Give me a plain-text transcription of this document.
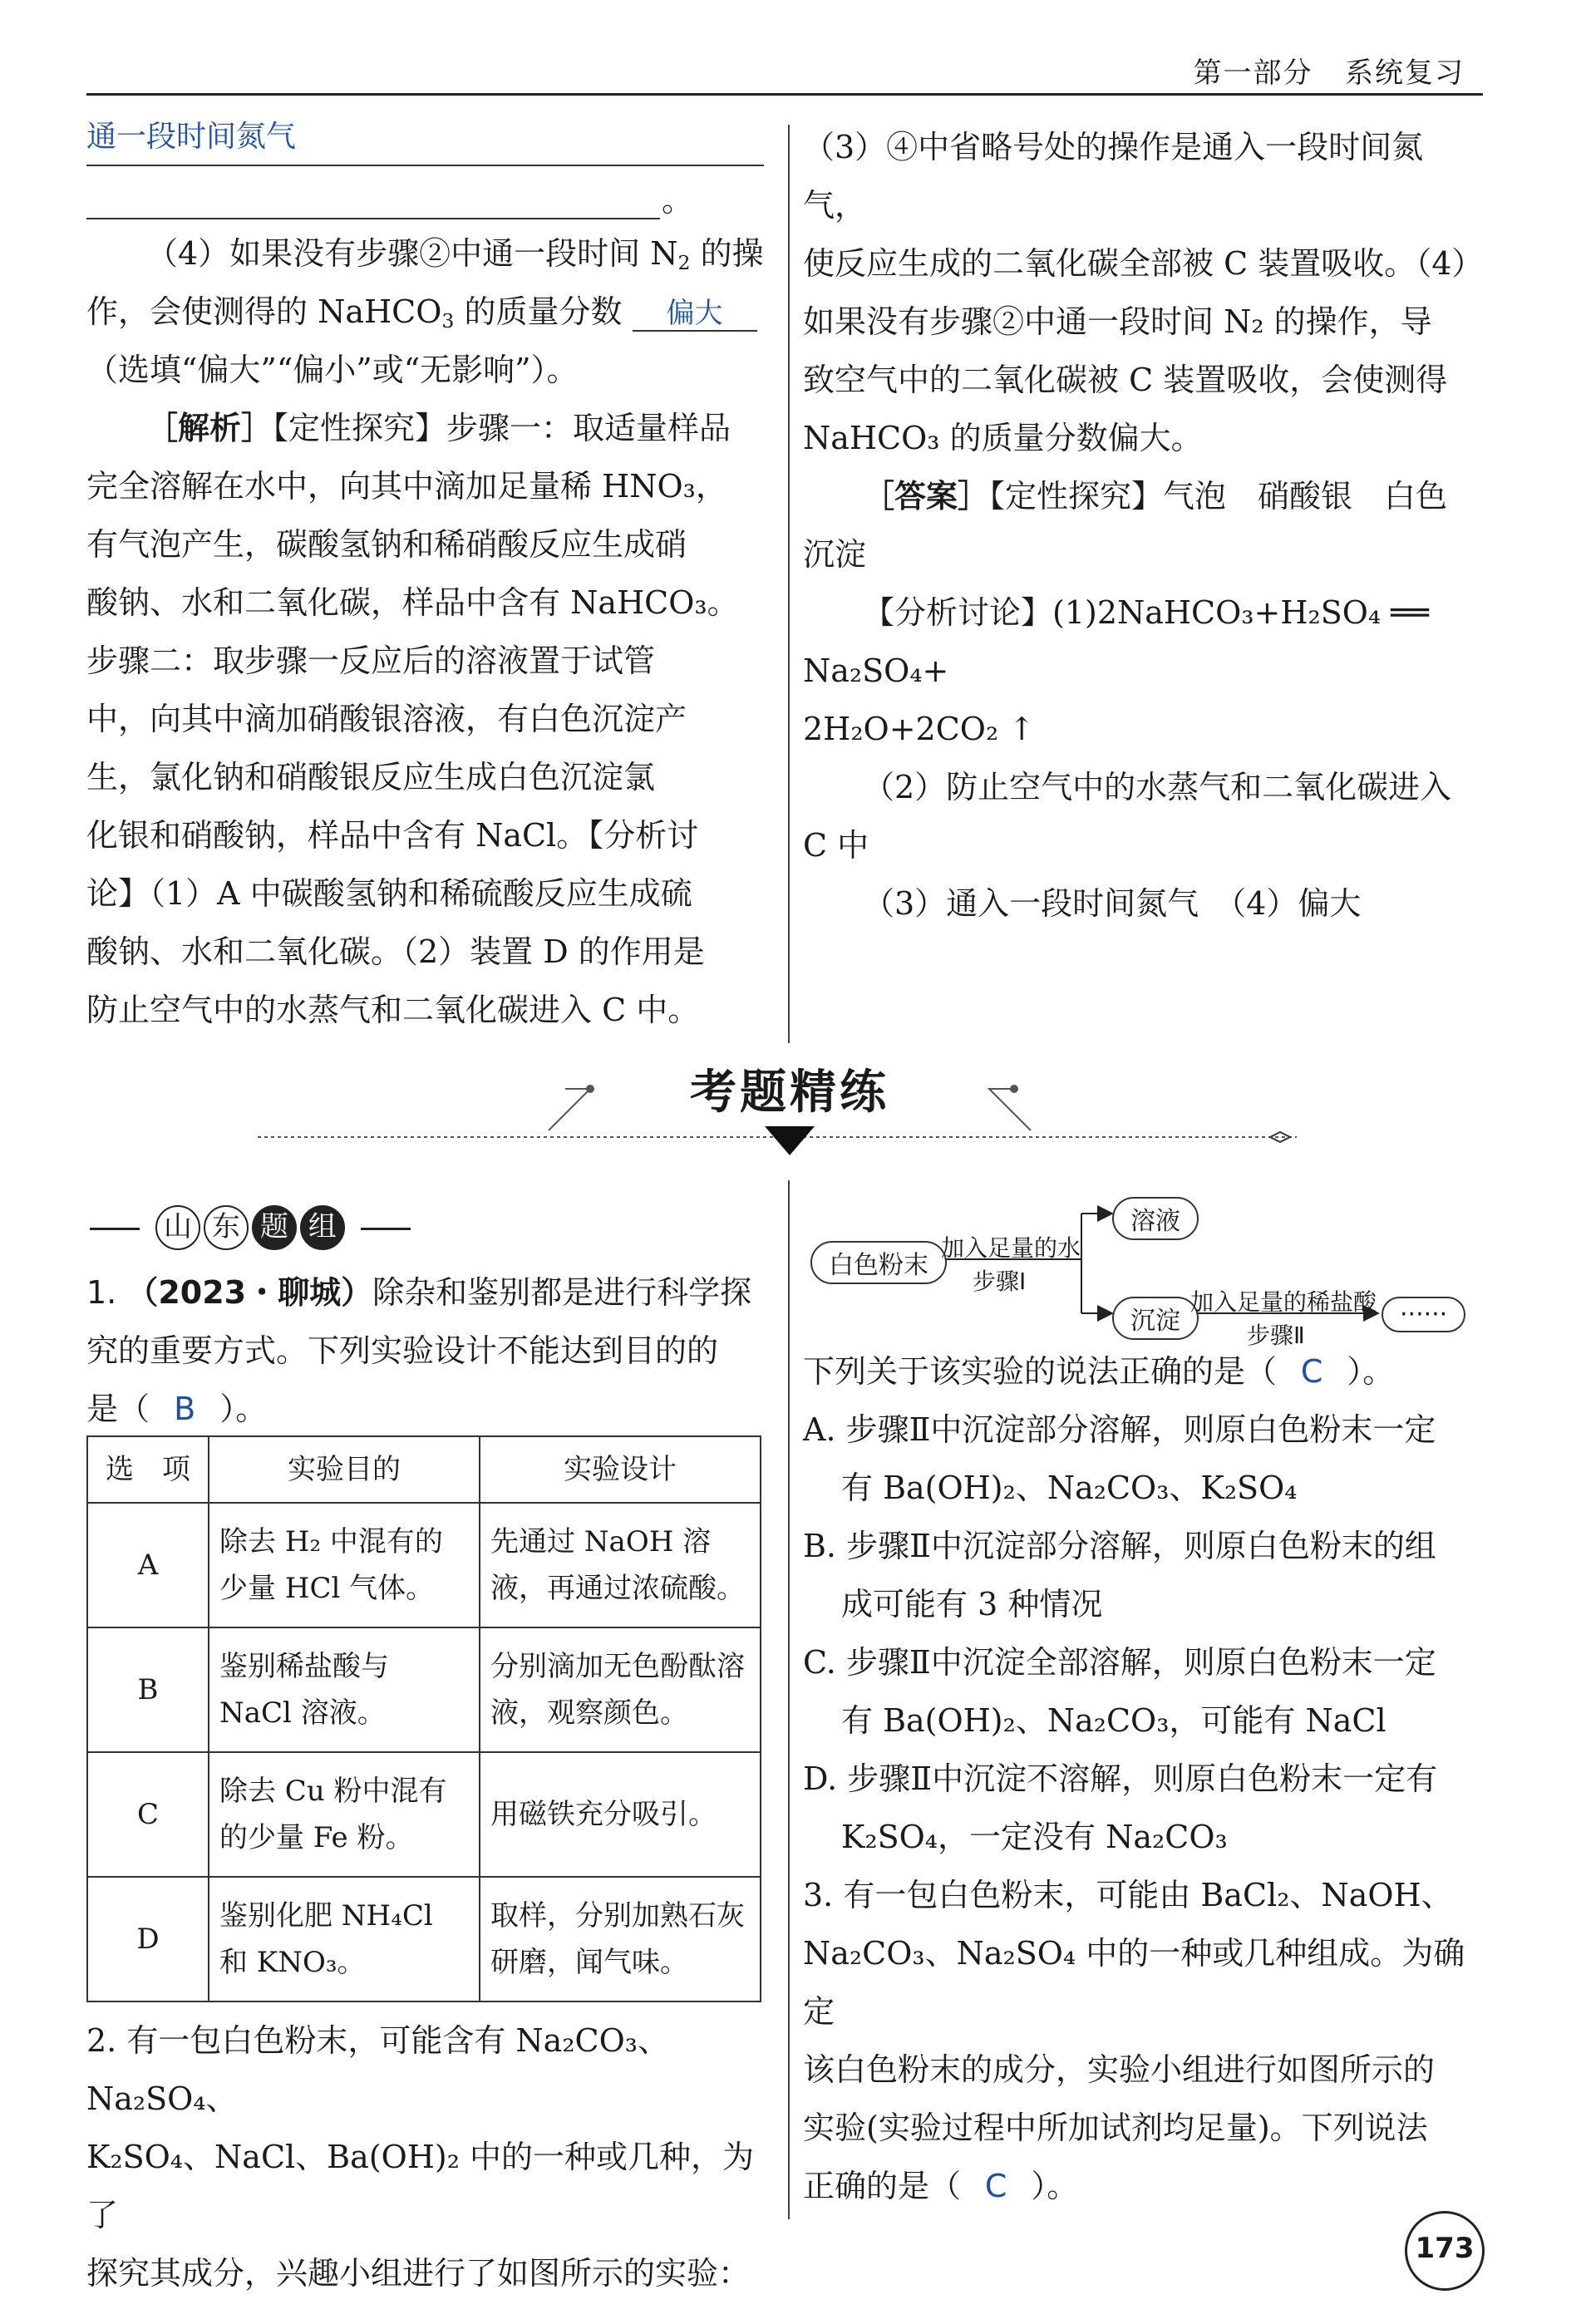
第一部分 系统复习
通一段时间氮气
。

（4）如果没有步骤②中通一段时间 $N_2$ 的操

作，会使测得的 NaHCO$_3$ 的质量分数 偏大

（选填“偏大”“偏小”或“无影响”）。

［解析］【定性探究】步骤一：取适量样品

完全溶解在水中，向其中滴加足量稀 HNO₃，

有气泡产生，碳酸氢钠和稀硝酸反应生成硝

酸钠、水和二氧化碳，样品中含有 NaHCO₃。

步骤二：取步骤一反应后的溶液置于试管

中，向其中滴加硝酸银溶液，有白色沉淀产

生，氯化钠和硝酸银反应生成白色沉淀氯

化银和硝酸钠，样品中含有 NaCl。【分析讨

论】（1）A 中碳酸氢钠和稀硫酸反应生成硫

酸钠、水和二氧化碳。（2）装置 D 的作用是

防止空气中的水蒸气和二氧化碳进入 C 中。

（3）④中省略号处的操作是通入一段时间氮气，

使反应生成的二氧化碳全部被 C 装置吸收。（4）

如果没有步骤②中通一段时间 N₂ 的操作，导

致空气中的二氧化碳被 C 装置吸收，会使测得

NaHCO₃ 的质量分数偏大。

［答案］【定性探究】气泡　硝酸银　白色

沉淀

【分析讨论】(1)2NaHCO₃+H₂SO₄ ══ Na₂SO₄+

2H₂O+2CO₂ ↑

（2）防止空气中的水蒸气和二氧化碳进入

C 中

（3）通入一段时间氮气　（4）偏大

考题精练
山 东 题 组

1. （2023・聊城）除杂和鉴别都是进行科学探

究的重要方式。下列实验设计不能达到目的的

是（ B ）。

选　项	实验目的	实验设计
A	除去 H₂ 中混有的少量 HCl 气体。	先通过 NaOH 溶液，再通过浓硫酸。
B	鉴别稀盐酸与 NaCl 溶液。	分别滴加无色酚酞溶液，观察颜色。
C	除去 Cu 粉中混有的少量 Fe 粉。	用磁铁充分吸引。
D	鉴别化肥 NH₄Cl 和 KNO₃。	取样，分别加熟石灰研磨，闻气味。

2. 有一包白色粉末，可能含有 Na₂CO₃、Na₂SO₄、

K₂SO₄、NaCl、Ba(OH)₂ 中的一种或几种，为了

探究其成分，兴趣小组进行了如图所示的实验：

白色粉末
加入足量的水
步骤Ⅰ
溶液
沉淀
加入足量的稀盐酸
步骤Ⅱ
······

下列关于该实验的说法正确的是（ C ）。

A. 步骤Ⅱ中沉淀部分溶解，则原白色粉末一定

有 Ba(OH)₂、Na₂CO₃、K₂SO₄

B. 步骤Ⅱ中沉淀部分溶解，则原白色粉末的组

成可能有 3 种情况

C. 步骤Ⅱ中沉淀全部溶解，则原白色粉末一定

有 Ba(OH)₂、Na₂CO₃，可能有 NaCl

D. 步骤Ⅱ中沉淀不溶解，则原白色粉末一定有

K₂SO₄，一定没有 Na₂CO₃

3. 有一包白色粉末，可能由 BaCl₂、NaOH、

Na₂CO₃、Na₂SO₄ 中的一种或几种组成。为确定

该白色粉末的成分，实验小组进行如图所示的

实验(实验过程中所加试剂均足量)。下列说法

正确的是（ C ）。

173
